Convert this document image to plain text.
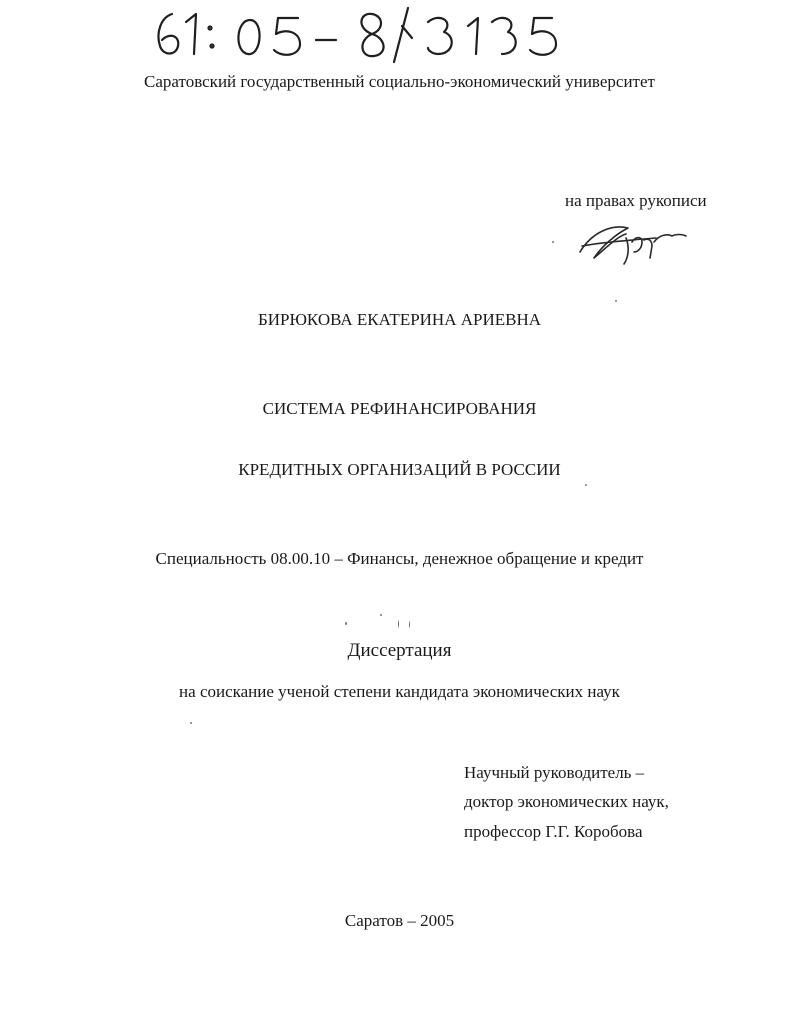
Саратовский государственный социально-экономический университет
на правах рукописи
БИРЮКОВА ЕКАТЕРИНА АРИЕВНА
СИСТЕМА РЕФИНАНСИРОВАНИЯ
КРЕДИТНЫХ ОРГАНИЗАЦИЙ В РОССИИ
Специальность 08.00.10 – Финансы, денежное обращение и кредит
Диссертация
на соискание ученой степени кандидата экономических наук
Научный руководитель –
доктор экономических наук,
профессор Г.Г. Коробова
Саратов – 2005
